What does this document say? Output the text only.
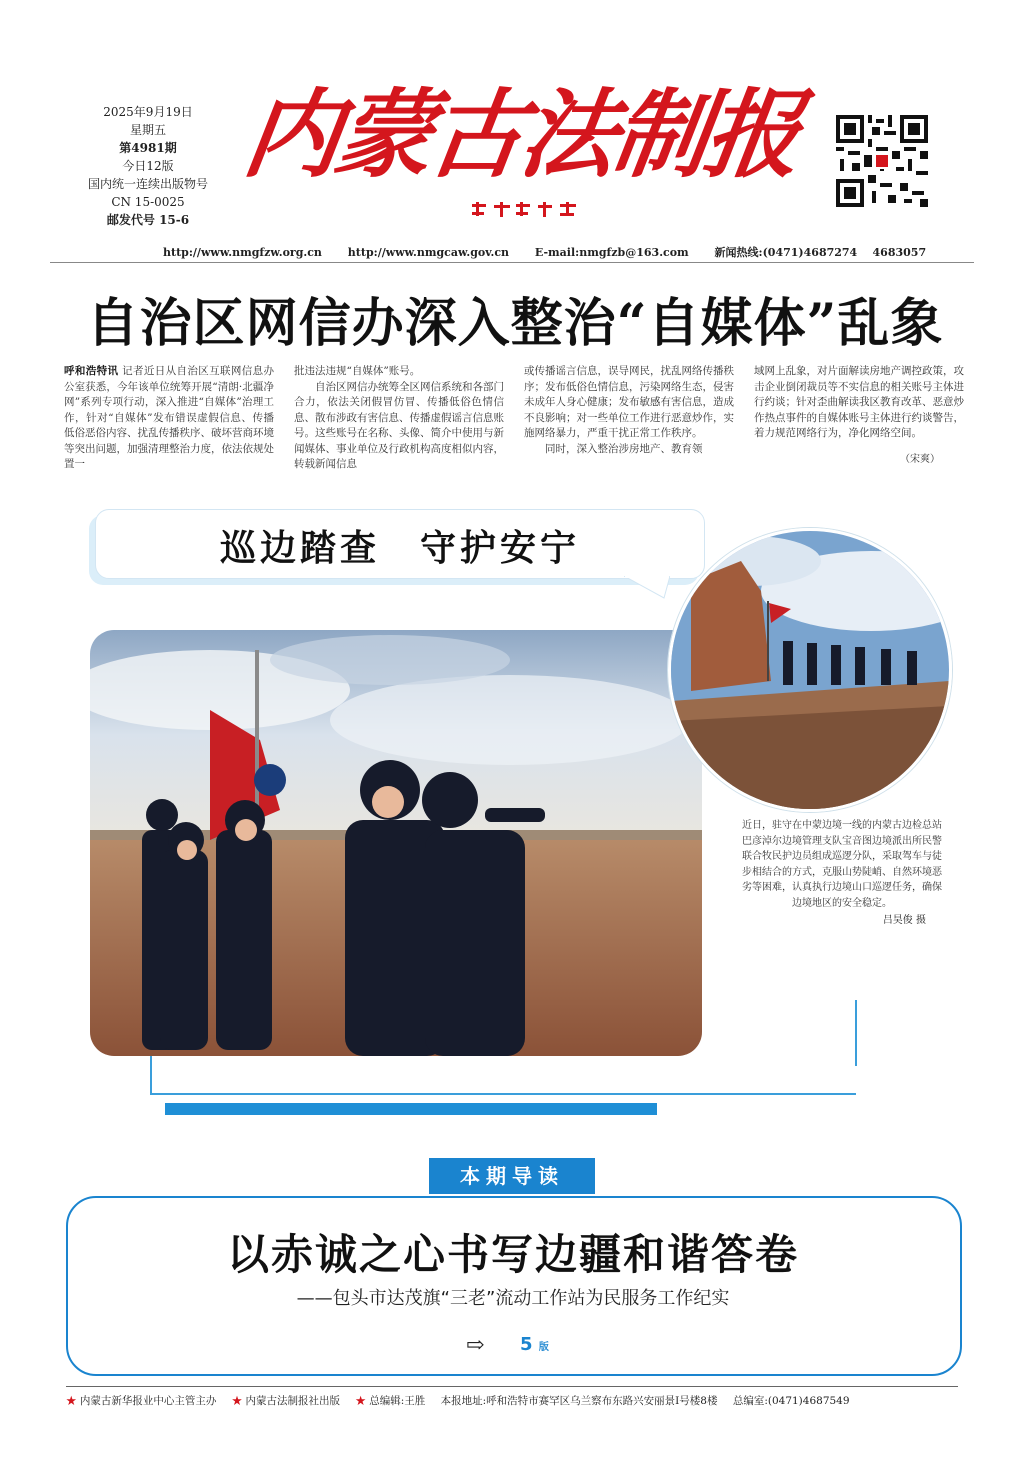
2025年9月19日
星期五
第4981期
今日12版
国内统一连续出版物号
CN 15-0025
邮发代号 15-6
内蒙古法制报
http://www.nmgfzw.org.cn http://www.nmgcaw.gov.cn E-mail:nmgfzb@163.com 新闻热线:(0471)4687274    4683057
自治区网信办深入整治“自媒体”乱象
呼和浩特讯 记者近日从自治区互联网信息办公室获悉，今年该单位统筹开展“清朗·北疆净网”系列专项行动，深入推进“自媒体”治理工作，针对“自媒体”发布错误虚假信息、传播低俗恶俗内容、扰乱传播秩序、破坏营商环境等突出问题，加强清理整治力度，依法依规处置一
批违法违规“自媒体”账号。
　　自治区网信办统筹全区网信系统和各部门合力，依法关闭假冒仿冒、传播低俗色情信息、散布涉政有害信息、传播虚假谣言信息账号。这些账号在名称、头像、简介中使用与新闻媒体、事业单位及行政机构高度相似内容，转载新闻信息
或传播谣言信息，误导网民，扰乱网络传播秩序；发布低俗色情信息，污染网络生态，侵害未成年人身心健康；发布敏感有害信息，造成不良影响；对一些单位工作进行恶意炒作，实施网络暴力，严重干扰正常工作秩序。
　　同时，深入整治涉房地产、教育领
域网上乱象，对片面解读房地产调控政策，攻击企业倒闭裁员等不实信息的相关账号主体进行约谈；针对歪曲解读我区教育改革、恶意炒作热点事件的自媒体账号主体进行约谈警告，着力规范网络行为，净化网络空间。
（宋爽）
巡边踏查　守护安宁
近日，驻守在中蒙边境一线的内蒙古边检总站巴彦淖尔边境管理支队宝音图边境派出所民警联合牧民护边员组成巡逻分队，采取驾车与徒步相结合的方式，克服山势陡峭、自然环境恶劣等困难，认真执行边境山口巡逻任务，确保边境地区的安全稳定。
吕昊俊 摄
本期导读
以赤诚之心书写边疆和谐答卷
——包头市达茂旗“三老”流动工作站为民服务工作纪实
⇨ 5 版
★ 内蒙古新华报业中心主管主办 ★ 内蒙古法制报社出版 ★ 总编辑:王胜 本报地址:呼和浩特市赛罕区乌兰察布东路兴安丽景Ⅰ号楼8楼 总编室:(0471)4687549
